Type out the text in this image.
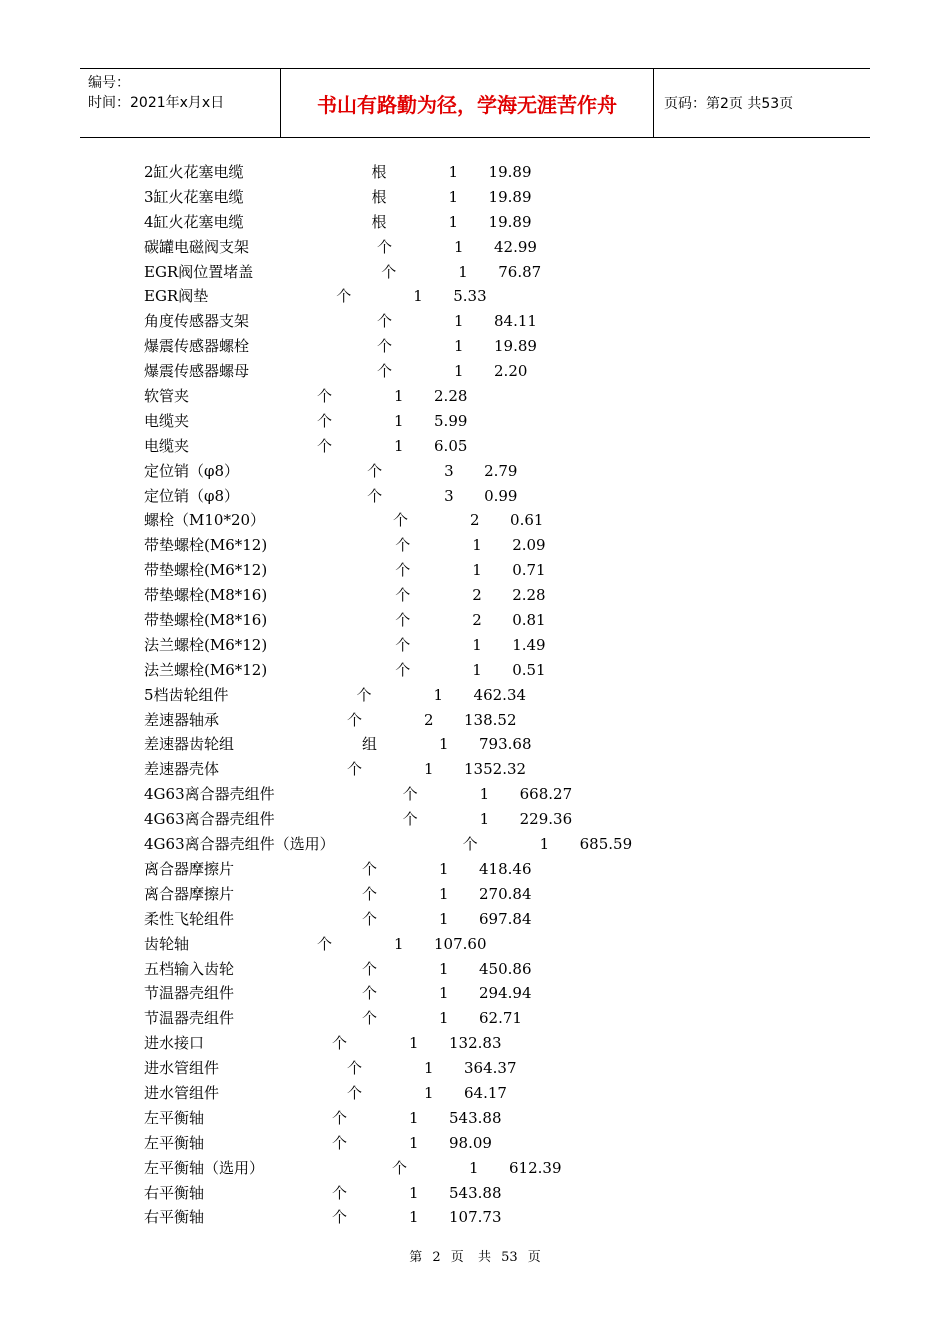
编号：
时间：2021年x月x日	书山有路勤为径，学海无涯苦作舟	页码：第2页 共53页
2缸火花塞电缆	根	1 19.89
3缸火花塞电缆	根	1 19.89
4缸火花塞电缆	根	1 19.89
碳罐电磁阀支架	个	1 42.99
EGR阀位置堵盖	个	1 76.87
EGR阀垫	个	1 5.33
角度传感器支架	个	1 84.11
爆震传感器螺栓	个	1 19.89
爆震传感器螺母	个	1 2.20
软管夹	个	1 2.28
电缆夹	个	1 5.99
电缆夹	个	1 6.05
定位销（φ8）	个	3 2.79
定位销（φ8）	个	3 0.99
螺栓（M10*20）	个	2 0.61
带垫螺栓(M6*12)	个	1 2.09
带垫螺栓(M6*12)	个	1 0.71
带垫螺栓(M8*16)	个	2 2.28
带垫螺栓(M8*16)	个	2 0.81
法兰螺栓(M6*12)	个	1 1.49
法兰螺栓(M6*12)	个	1 0.51
5档齿轮组件	个	1 462.34
差速器轴承	个	2 138.52
差速器齿轮组	组	1 793.68
差速器壳体	个	1 1352.32
4G63离合器壳组件	个	1 668.27
4G63离合器壳组件	个	1 229.36
4G63离合器壳组件（选用）	个	1 685.59
离合器摩擦片	个	1 418.46
离合器摩擦片	个	1 270.84
柔性飞轮组件	个	1 697.84
齿轮轴	个	1 107.60
五档输入齿轮	个	1 450.86
节温器壳组件	个	1 294.94
节温器壳组件	个	1 62.71
进水接口	个	1 132.83
进水管组件	个	1 364.37
进水管组件	个	1 64.17
左平衡轴	个	1 543.88
左平衡轴	个	1 98.09
左平衡轴（选用）	个	1 612.39
右平衡轴	个	1 543.88
右平衡轴	个	1 107.73
第 2 页 共 53 页
